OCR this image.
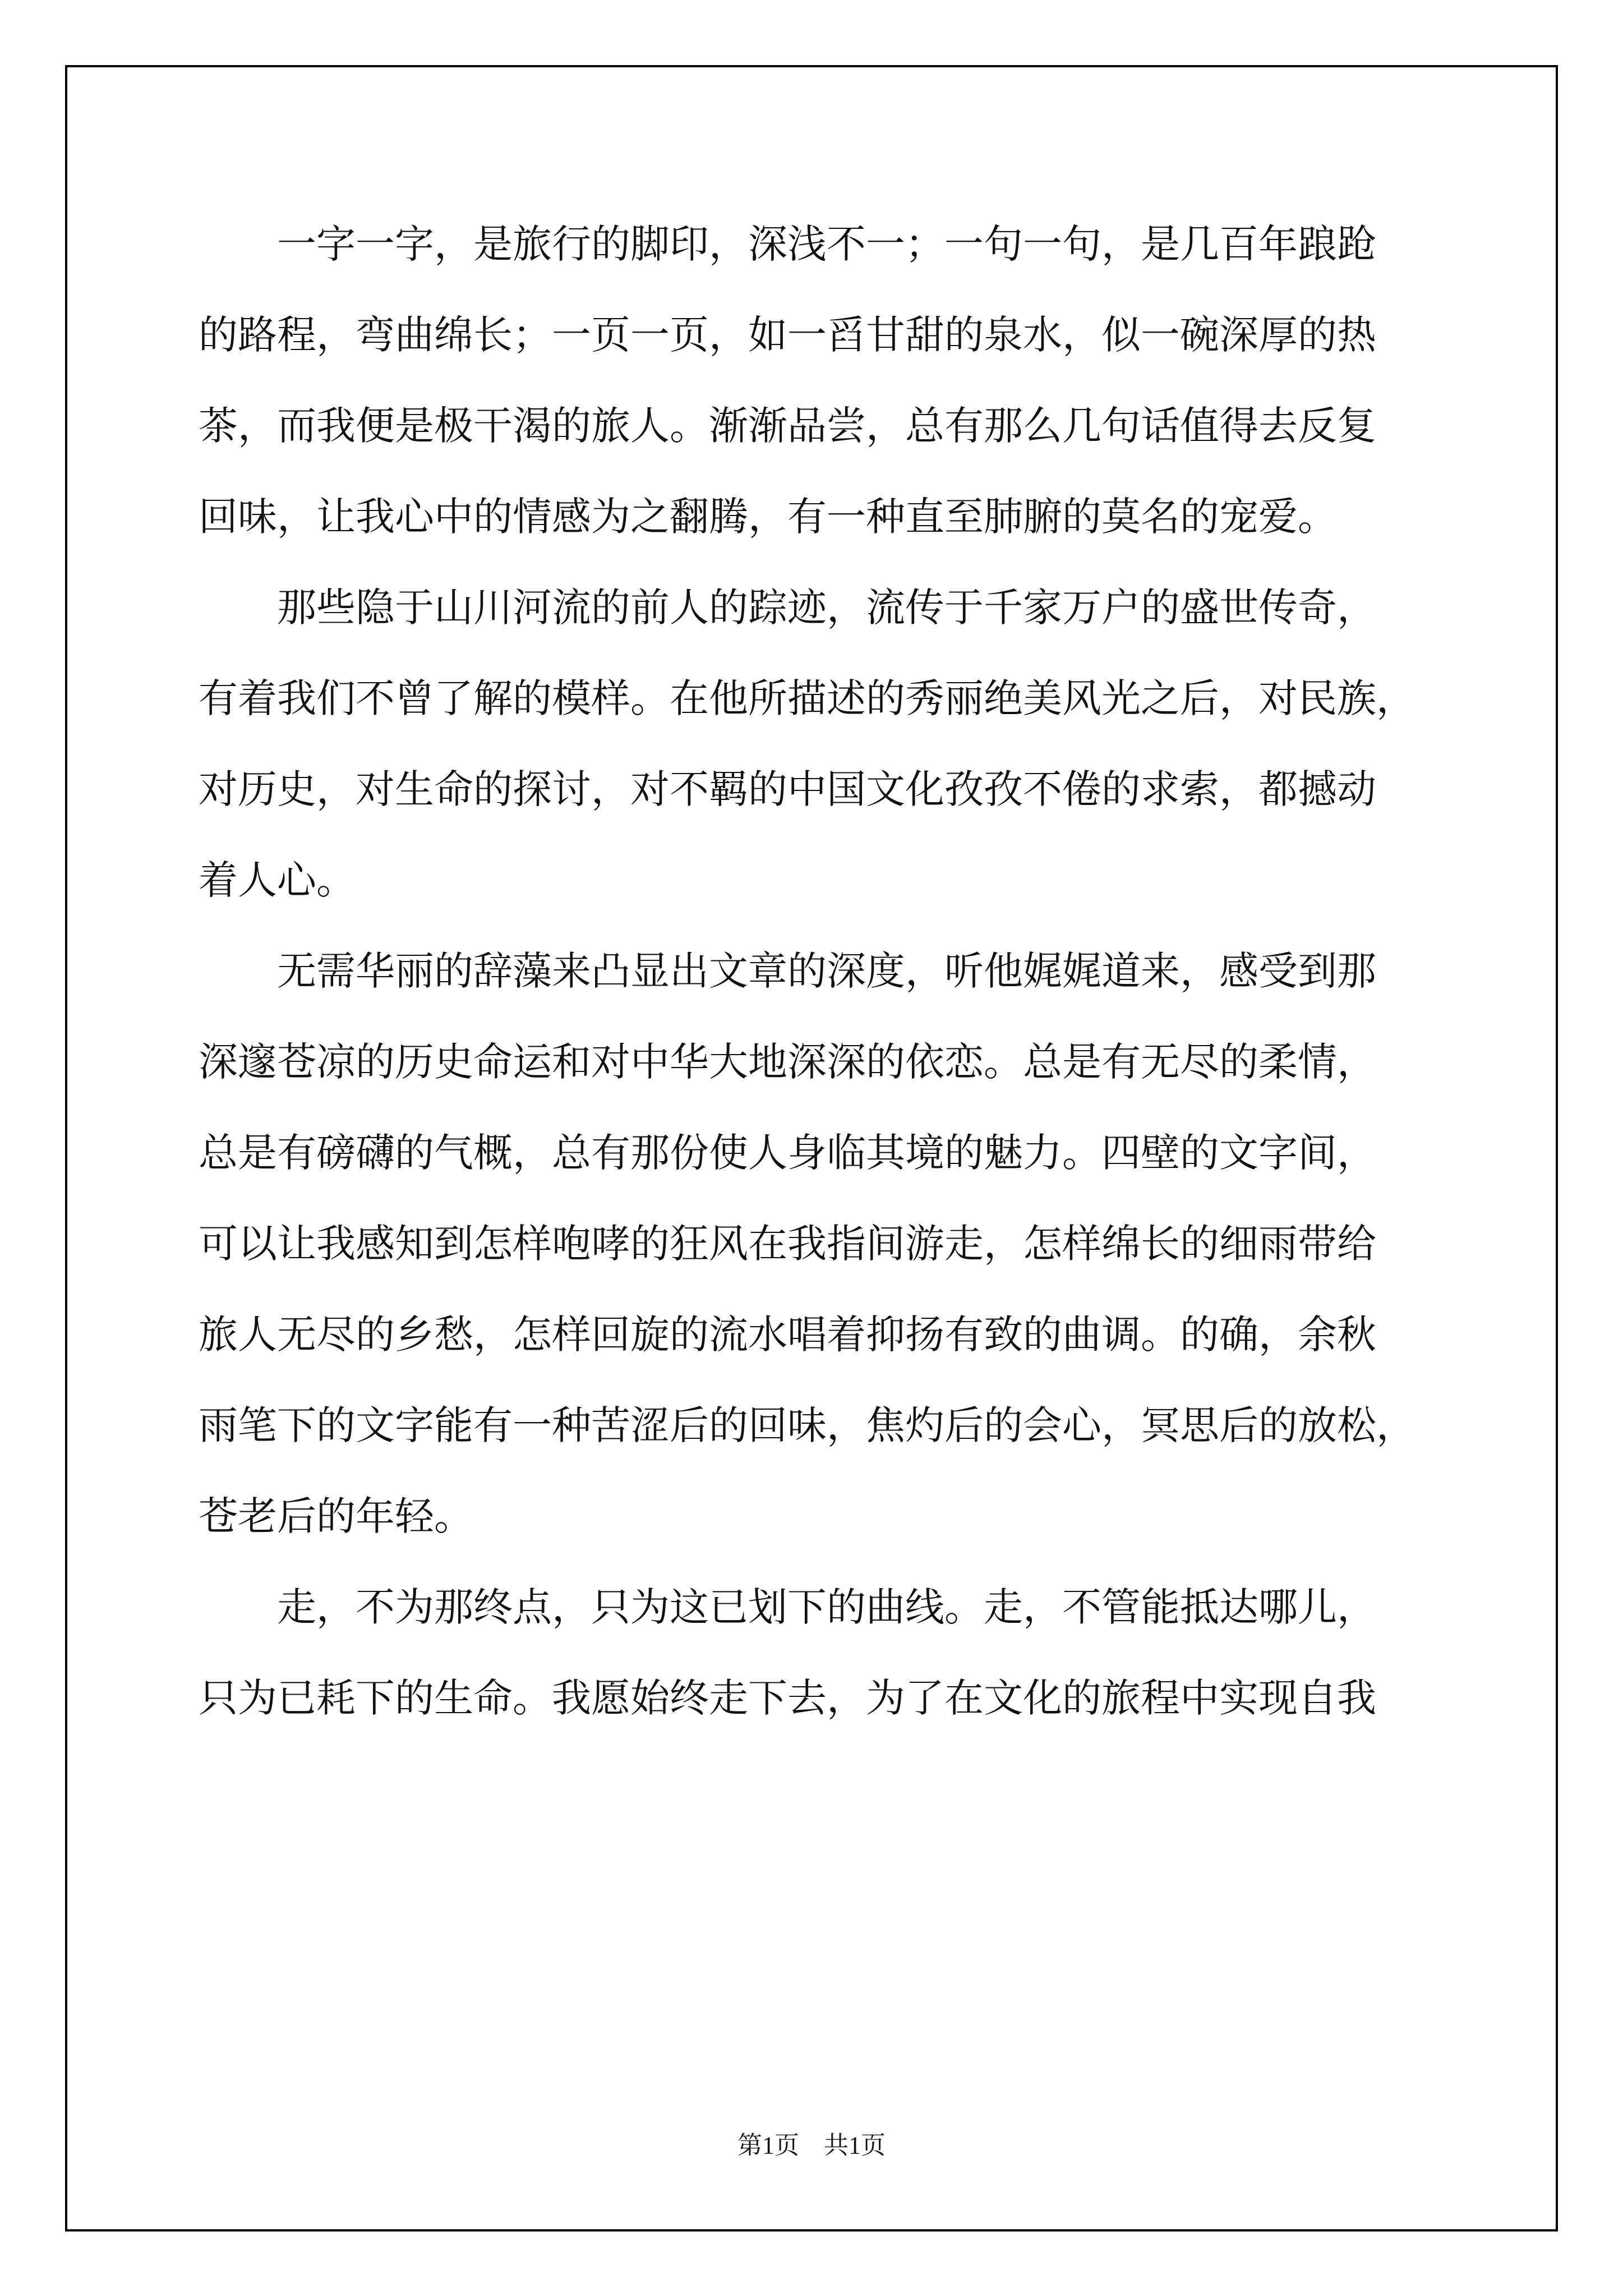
一字一字，是旅行的脚印，深浅不一；一句一句，是几百年踉跄
的路程，弯曲绵长；一页一页，如一舀甘甜的泉水，似一碗深厚的热
茶，而我便是极干渴的旅人。渐渐品尝，总有那么几句话值得去反复
回味，让我心中的情感为之翻腾，有一种直至肺腑的莫名的宠爱。
那些隐于山川河流的前人的踪迹，流传于千家万户的盛世传奇，
有着我们不曾了解的模样。在他所描述的秀丽绝美风光之后，对民族，
对历史，对生命的探讨，对不羁的中国文化孜孜不倦的求索，都撼动
着人心。
无需华丽的辞藻来凸显出文章的深度，听他娓娓道来，感受到那
深邃苍凉的历史命运和对中华大地深深的依恋。总是有无尽的柔情，
总是有磅礴的气概，总有那份使人身临其境的魅力。四壁的文字间，
可以让我感知到怎样咆哮的狂风在我指间游走，怎样绵长的细雨带给
旅人无尽的乡愁，怎样回旋的流水唱着抑扬有致的曲调。的确，余秋
雨笔下的文字能有一种苦涩后的回味，焦灼后的会心，冥思后的放松，
苍老后的年轻。
走，不为那终点，只为这已划下的曲线。走，不管能抵达哪儿，
只为已耗下的生命。我愿始终走下去，为了在文化的旅程中实现自我
第1页 共1页
